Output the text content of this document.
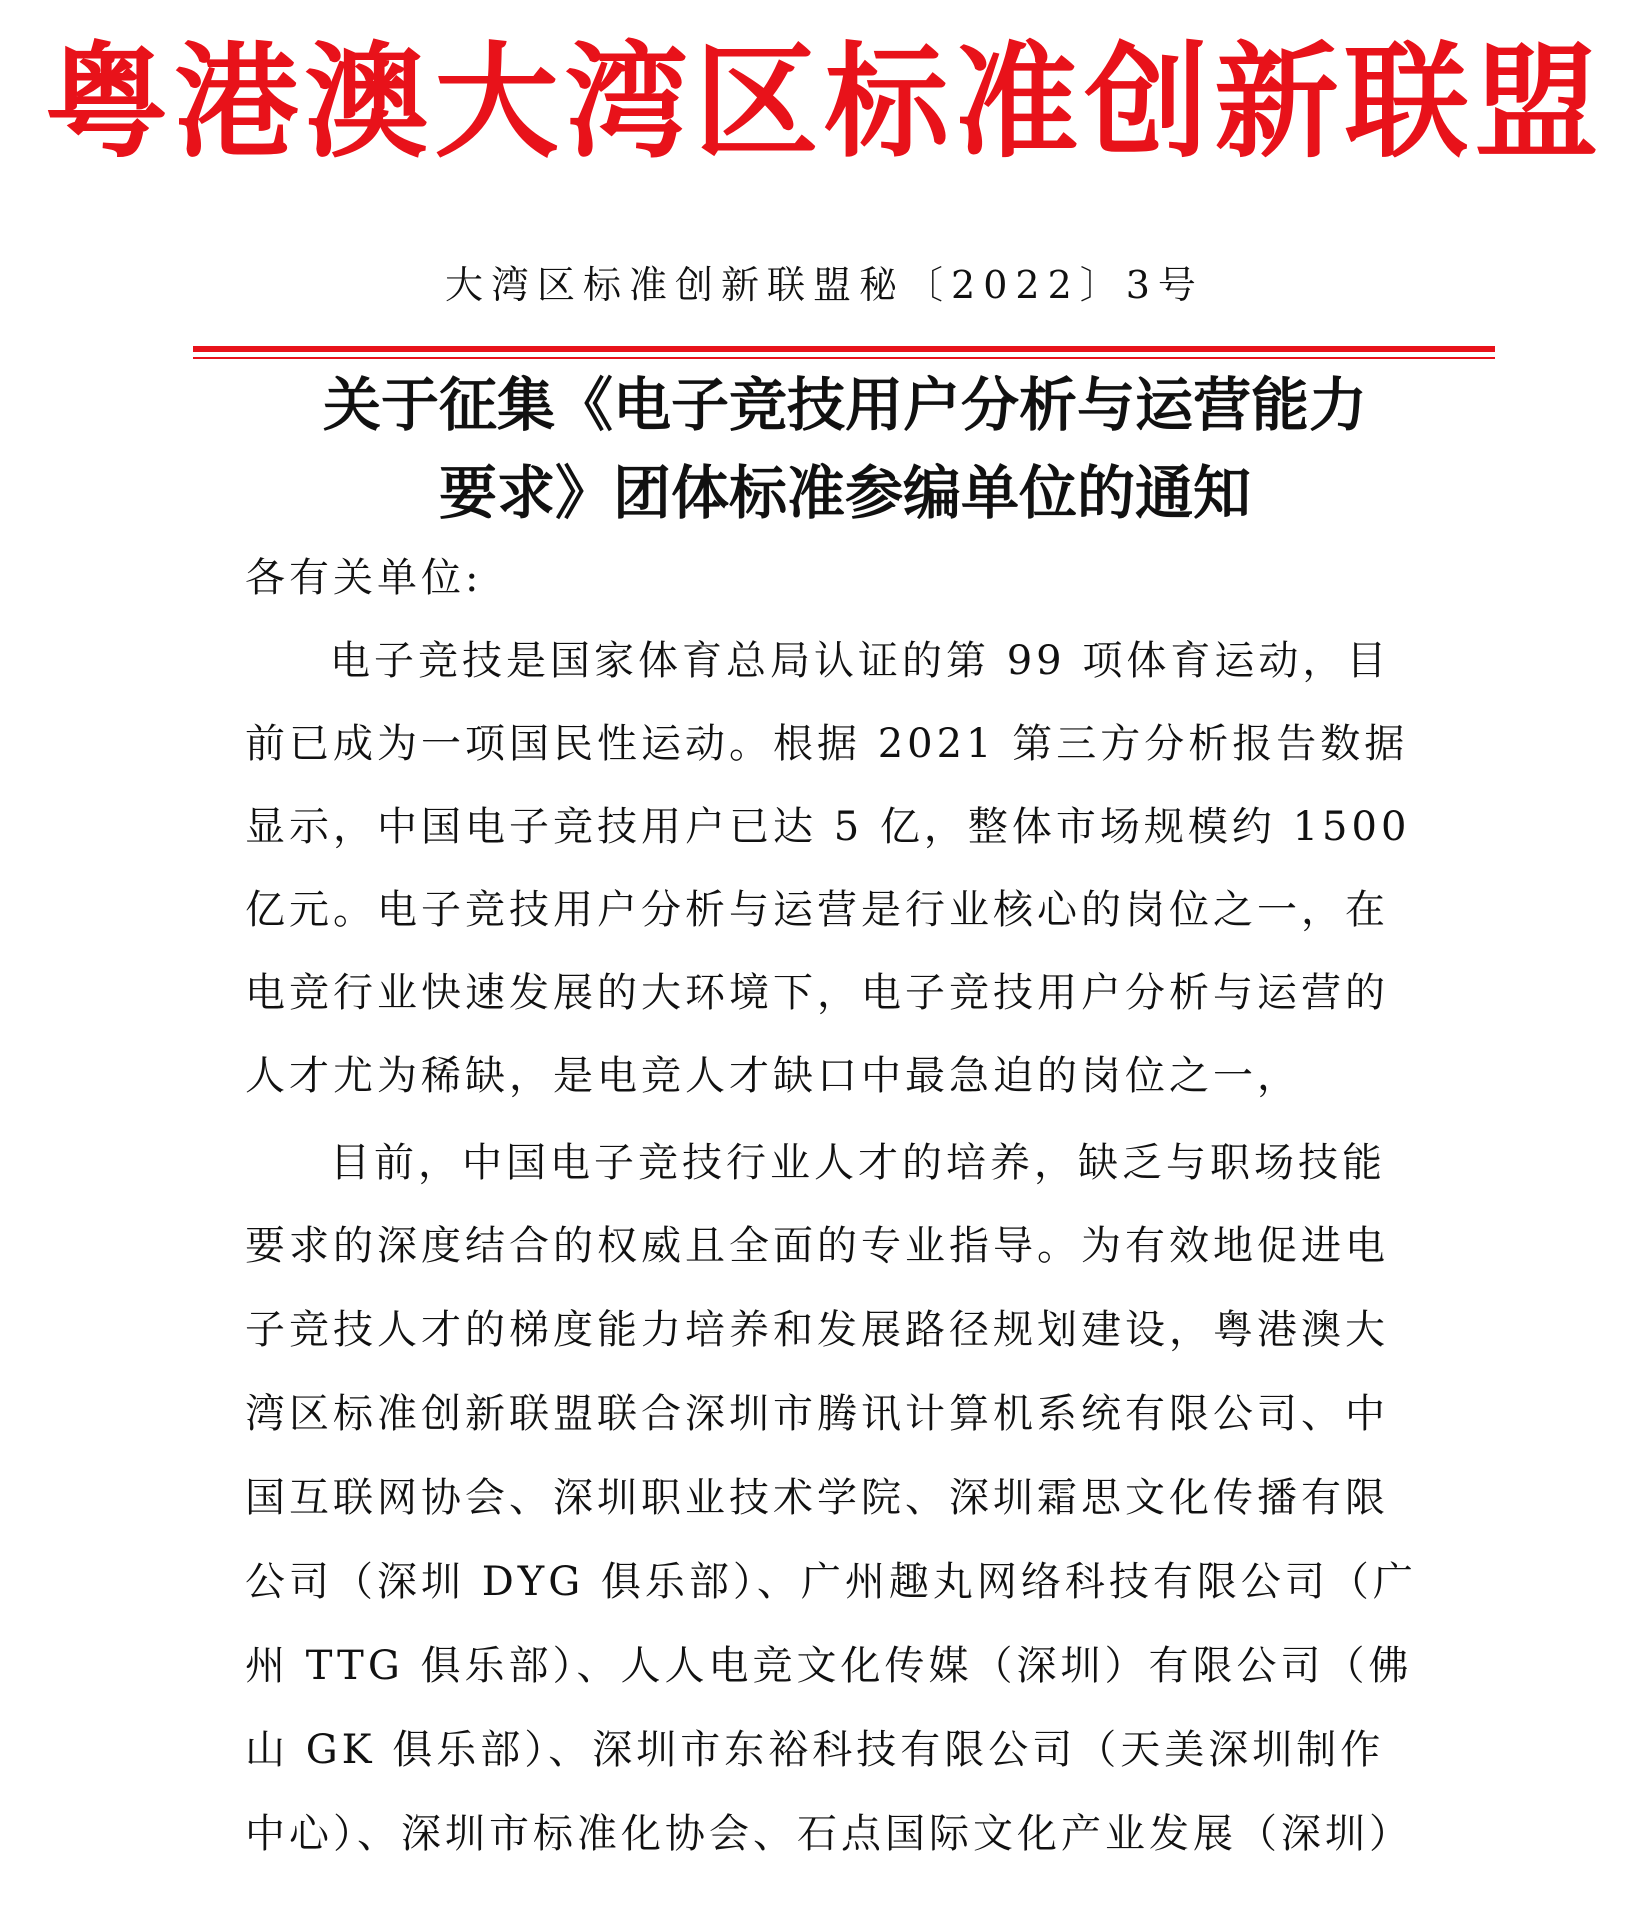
粤港澳大湾区标准创新联盟
大湾区标准创新联盟秘〔2022〕3号
关于征集《电子竞技用户分析与运营能力
要求》团体标准参编单位的通知
各有关单位:
电子竞技是国家体育总局认证的第 99 项体育运动，目
前已成为一项国民性运动。根据 2021 第三方分析报告数据
显示，中国电子竞技用户已达 5 亿，整体市场规模约 1500
亿元。电子竞技用户分析与运营是行业核心的岗位之一，在
电竞行业快速发展的大环境下，电子竞技用户分析与运营的
人才尤为稀缺，是电竞人才缺口中最急迫的岗位之一，
目前，中国电子竞技行业人才的培养，缺乏与职场技能
要求的深度结合的权威且全面的专业指导。为有效地促进电
子竞技人才的梯度能力培养和发展路径规划建设，粤港澳大
湾区标准创新联盟联合深圳市腾讯计算机系统有限公司、中
国互联网协会、深圳职业技术学院、深圳霜思文化传播有限
公司（深圳 DYG 俱乐部）、广州趣丸网络科技有限公司（广
州 TTG 俱乐部）、人人电竞文化传媒（深圳）有限公司（佛
山 GK 俱乐部）、深圳市东裕科技有限公司（天美深圳制作
中心）、深圳市标准化协会、石点国际文化产业发展（深圳）
